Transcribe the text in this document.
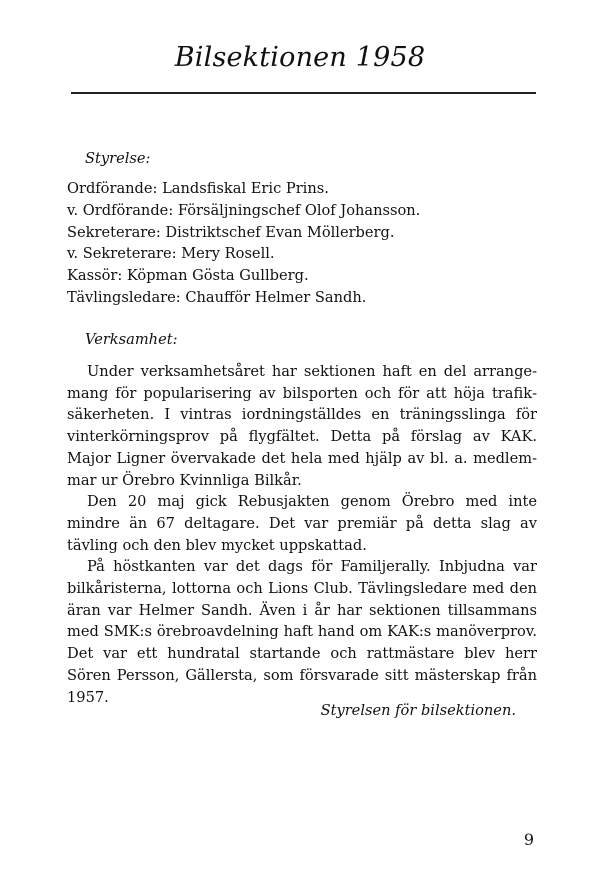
Bilsektionen 1958

Styrelse:

Ordförande: Landsfiskal Eric Prins.
v. Ordförande: Försäljningschef Olof Johansson.
Sekreterare: Distriktschef Evan Möllerberg.
v. Sekreterare: Mery Rosell.
Kassör: Köpman Gösta Gullberg.
Tävlingsledare: Chaufför Helmer Sandh.

Verksamhet:

Under verksamhetsåret har sektionen haft en del arrangemang för popularisering av bilsporten och för att höja trafiksäkerheten. I vintras iordningställdes en träningsslinga för vinterkörningsprov på flygfältet. Detta på förslag av KAK. Major Ligner övervakade det hela med hjälp av bl. a. medlemmar ur Örebro Kvinnliga Bilkår.

Den 20 maj gick Rebusjakten genom Örebro med inte mindre än 67 deltagare. Det var premiär på detta slag av tävling och den blev mycket uppskattad.

På höstkanten var det dags för Familjerally. Inbjudna var bilkåristerna, lottorna och Lions Club. Tävlingsledare med den äran var Helmer Sandh. Även i år har sektionen tillsammans med SMK:s örebroavdelning haft hand om KAK:s manöverprov. Det var ett hundratal startande och rattmästare blev herr Sören Persson, Gällersta, som försvarade sitt mästerskap från 1957.

Styrelsen för bilsektionen.
9
